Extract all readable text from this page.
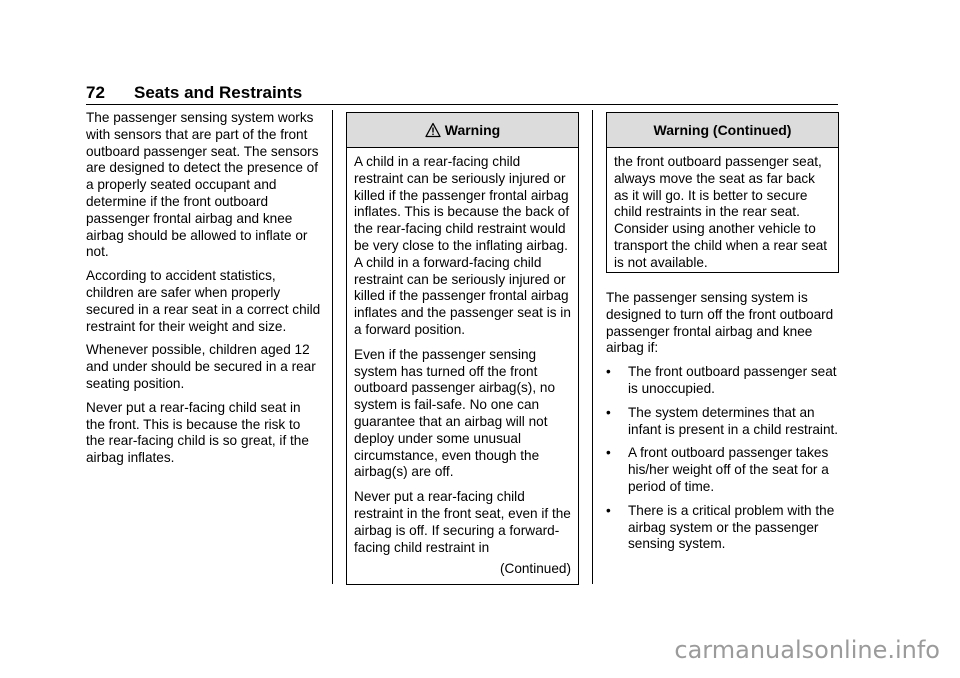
72 Seats and Restraints

The passenger sensing system works with sensors that are part of the front outboard passenger seat. The sensors are designed to detect the presence of a properly seated occupant and determine if the front outboard passenger frontal airbag and knee airbag should be allowed to inflate or not.

According to accident statistics, children are safer when properly secured in a rear seat in a correct child restraint for their weight and size.

Whenever possible, children aged 12 and under should be secured in a rear seating position.

Never put a rear-facing child seat in the front. This is because the risk to the rear-facing child is so great, if the airbag inflates.

Warning

A child in a rear-facing child restraint can be seriously injured or killed if the passenger frontal airbag inflates. This is because the back of the rear-facing child restraint would be very close to the inflating airbag. A child in a forward-facing child restraint can be seriously injured or killed if the passenger frontal airbag inflates and the passenger seat is in a forward position.

Even if the passenger sensing system has turned off the front outboard passenger airbag(s), no system is fail-safe. No one can guarantee that an airbag will not deploy under some unusual circumstance, even though the airbag(s) are off.

Never put a rear-facing child restraint in the front seat, even if the airbag is off. If securing a forward-facing child restraint in

(Continued)
Warning (Continued)

the front outboard passenger seat, always move the seat as far back as it will go. It is better to secure child restraints in the rear seat. Consider using another vehicle to transport the child when a rear seat is not available.

The passenger sensing system is designed to turn off the front outboard passenger frontal airbag and knee airbag if:

• The front outboard passenger seat is unoccupied.
• The system determines that an infant is present in a child restraint.
• A front outboard passenger takes his/her weight off of the seat for a period of time.
• There is a critical problem with the airbag system or the passenger sensing system.
carmanualsonline.info
